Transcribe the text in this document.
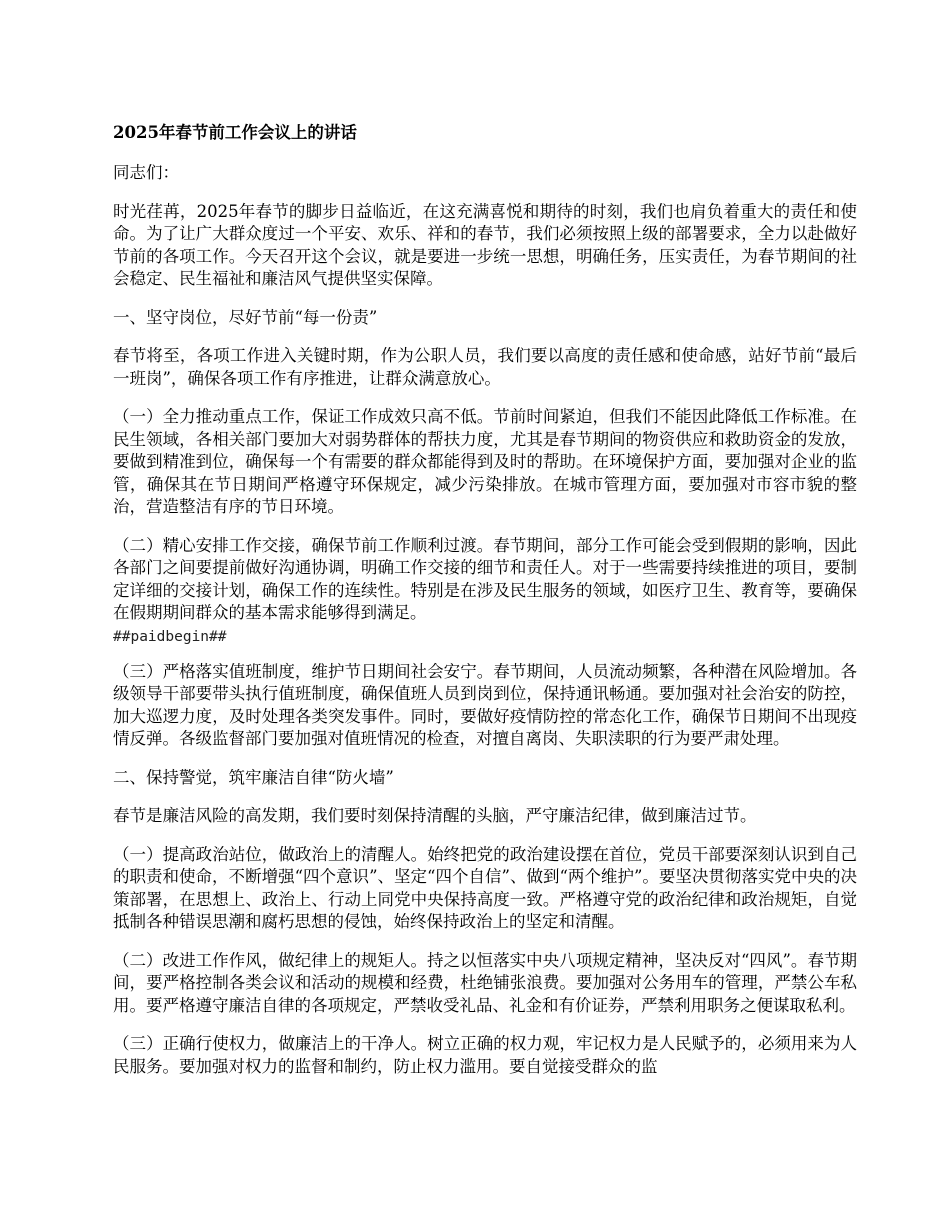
2025年春节前工作会议上的讲话
同志们：
时光荏苒，2025年春节的脚步日益临近，在这充满喜悦和期待的时刻，我们也肩负着重大的责任和使命。为了让广大群众度过一个平安、欢乐、祥和的春节，我们必须按照上级的部署要求，全力以赴做好节前的各项工作。今天召开这个会议，就是要进一步统一思想，明确任务，压实责任，为春节期间的社会稳定、民生福祉和廉洁风气提供坚实保障。
一、坚守岗位，尽好节前“每一份责”
春节将至，各项工作进入关键时期，作为公职人员，我们要以高度的责任感和使命感，站好节前“最后一班岗”，确保各项工作有序推进，让群众满意放心。
（一）全力推动重点工作，保证工作成效只高不低。节前时间紧迫，但我们不能因此降低工作标准。在民生领域，各相关部门要加大对弱势群体的帮扶力度，尤其是春节期间的物资供应和救助资金的发放，要做到精准到位，确保每一个有需要的群众都能得到及时的帮助。在环境保护方面，要加强对企业的监管，确保其在节日期间严格遵守环保规定，减少污染排放。在城市管理方面，要加强对市容市貌的整治，营造整洁有序的节日环境。
（二）精心安排工作交接，确保节前工作顺利过渡。春节期间，部分工作可能会受到假期的影响，因此各部门之间要提前做好沟通协调，明确工作交接的细节和责任人。对于一些需要持续推进的项目，要制定详细的交接计划，确保工作的连续性。特别是在涉及民生服务的领域，如医疗卫生、教育等，要确保在假期期间群众的基本需求能够得到满足。
##paidbegin##
（三）严格落实值班制度，维护节日期间社会安宁。春节期间，人员流动频繁，各种潜在风险增加。各级领导干部要带头执行值班制度，确保值班人员到岗到位，保持通讯畅通。要加强对社会治安的防控，加大巡逻力度，及时处理各类突发事件。同时，要做好疫情防控的常态化工作，确保节日期间不出现疫情反弹。各级监督部门要加强对值班情况的检查，对擅自离岗、失职渎职的行为要严肃处理。
二、保持警觉，筑牢廉洁自律“防火墙”
春节是廉洁风险的高发期，我们要时刻保持清醒的头脑，严守廉洁纪律，做到廉洁过节。
（一）提高政治站位，做政治上的清醒人。始终把党的政治建设摆在首位，党员干部要深刻认识到自己的职责和使命，不断增强“四个意识”、坚定“四个自信”、做到“两个维护”。要坚决贯彻落实党中央的决策部署，在思想上、政治上、行动上同党中央保持高度一致。严格遵守党的政治纪律和政治规矩，自觉抵制各种错误思潮和腐朽思想的侵蚀，始终保持政治上的坚定和清醒。
（二）改进工作作风，做纪律上的规矩人。持之以恒落实中央八项规定精神，坚决反对“四风”。春节期间，要严格控制各类会议和活动的规模和经费，杜绝铺张浪费。要加强对公务用车的管理，严禁公车私用。要严格遵守廉洁自律的各项规定，严禁收受礼品、礼金和有价证券，严禁利用职务之便谋取私利。
（三）正确行使权力，做廉洁上的干净人。树立正确的权力观，牢记权力是人民赋予的，必须用来为人民服务。要加强对权力的监督和制约，防止权力滥用。要自觉接受群众的监
